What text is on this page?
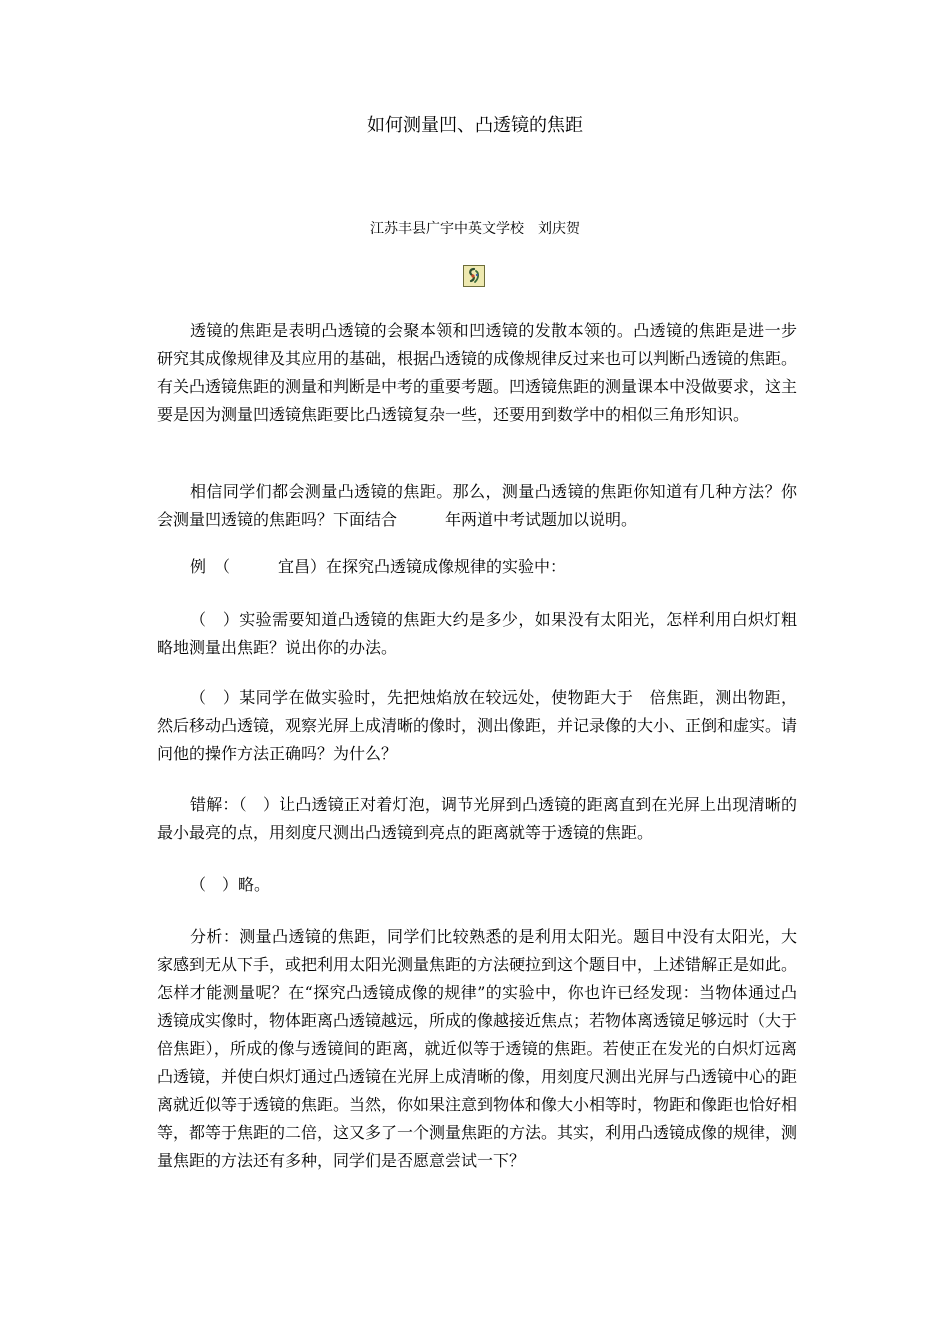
如何测量凹、凸透镜的焦距
江苏丰县广宇中英文学校　刘庆贺

透镜的焦距是表明凸透镜的会聚本领和凹透镜的发散本领的。凸透镜的焦距是进一步研究其成像规律及其应用的基础，根据凸透镜的成像规律反过来也可以判断凸透镜的焦距。有关凸透镜焦距的测量和判断是中考的重要考题。凹透镜焦距的测量课本中没做要求，这主要是因为测量凹透镜焦距要比凸透镜复杂一些，还要用到数学中的相似三角形知识。

相信同学们都会测量凸透镜的焦距。那么，测量凸透镜的焦距你知道有几种方法？你会测量凹透镜的焦距吗？下面结合　　　年两道中考试题加以说明。

例　（　　　宜昌）在探究凸透镜成像规律的实验中：

（　）实验需要知道凸透镜的焦距大约是多少，如果没有太阳光，怎样利用白炽灯粗略地测量出焦距？说出你的办法。

（　）某同学在做实验时，先把烛焰放在较远处，使物距大于　倍焦距，测出物距，然后移动凸透镜，观察光屏上成清晰的像时，测出像距，并记录像的大小、正倒和虚实。请问他的操作方法正确吗？为什么？

错解：（　）让凸透镜正对着灯泡，调节光屏到凸透镜的距离直到在光屏上出现清晰的最小最亮的点，用刻度尺测出凸透镜到亮点的距离就等于透镜的焦距。

（　）略。

分析：测量凸透镜的焦距，同学们比较熟悉的是利用太阳光。题目中没有太阳光，大家感到无从下手，或把利用太阳光测量焦距的方法硬拉到这个题目中，上述错解正是如此。怎样才能测量呢？在“探究凸透镜成像的规律”的实验中，你也许已经发现：当物体通过凸透镜成实像时，物体距离凸透镜越远，所成的像越接近焦点；若物体离透镜足够远时（大于　　倍焦距），所成的像与透镜间的距离，就近似等于透镜的焦距。若使正在发光的白炽灯远离凸透镜，并使白炽灯通过凸透镜在光屏上成清晰的像，用刻度尺测出光屏与凸透镜中心的距离就近似等于透镜的焦距。当然，你如果注意到物体和像大小相等时，物距和像距也恰好相等，都等于焦距的二倍，这又多了一个测量焦距的方法。其实，利用凸透镜成像的规律，测量焦距的方法还有多种，同学们是否愿意尝试一下？
